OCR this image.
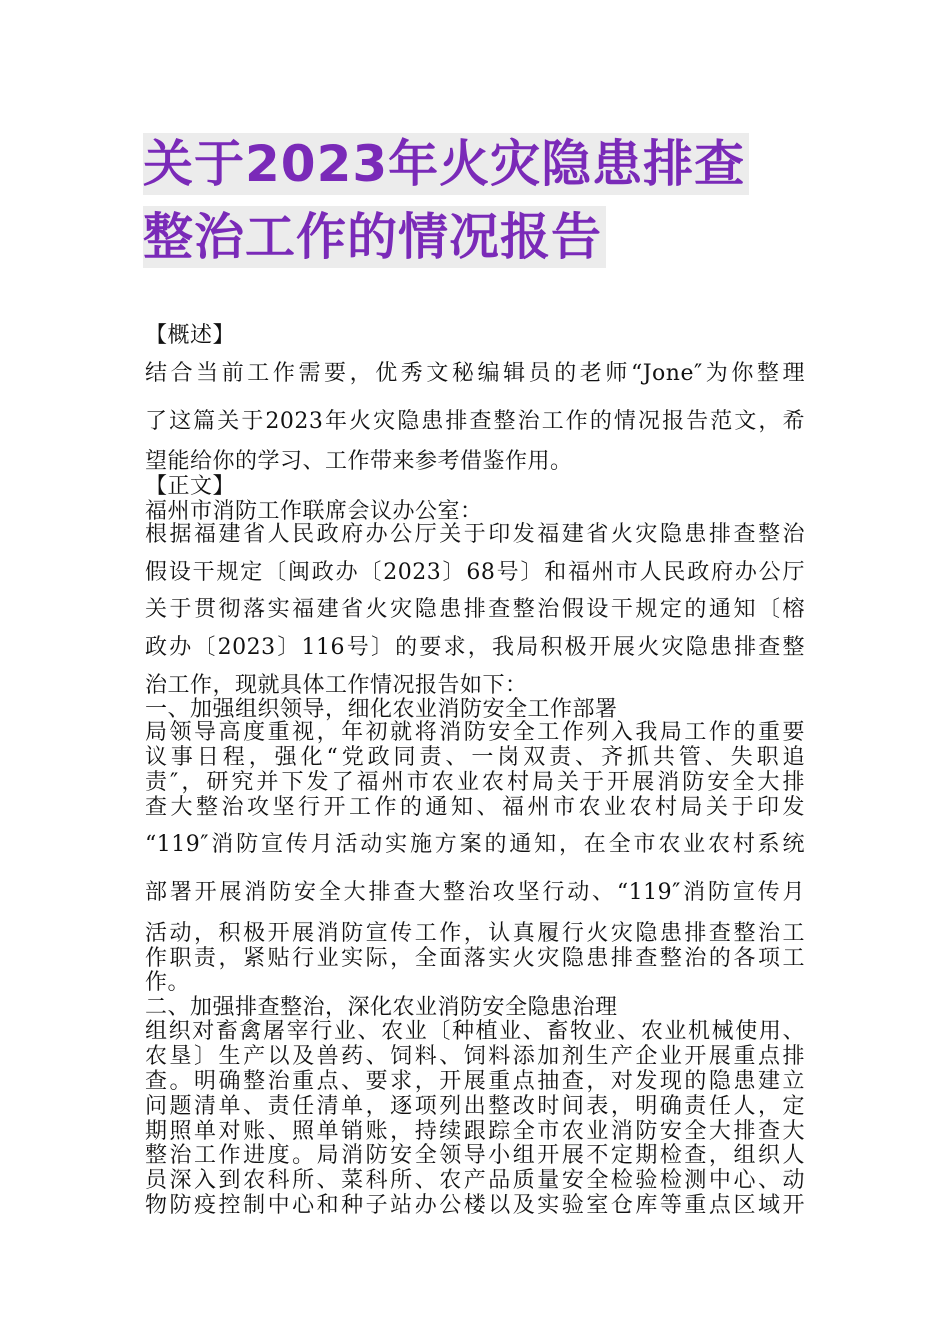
关于2023年火灾隐患排查
整治工作的情况报告
【概述】
结合当前工作需要，优秀文秘编辑员的老师“Jone″为你整理
了这篇关于2023年火灾隐患排查整治工作的情况报告范文，希
望能给你的学习、工作带来参考借鉴作用。
【正文】
福州市消防工作联席会议办公室：
根据福建省人民政府办公厅关于印发福建省火灾隐患排查整治
假设干规定〔闽政办〔2023〕68号〕和福州市人民政府办公厅
关于贯彻落实福建省火灾隐患排查整治假设干规定的通知〔榕
政办〔2023〕116号〕的要求，我局积极开展火灾隐患排查整
治工作，现就具体工作情况报告如下：
一、加强组织领导，细化农业消防安全工作部署
局领导高度重视，年初就将消防安全工作列入我局工作的重要
议事日程，强化“党政同责、一岗双责、齐抓共管、失职追
责″，研究并下发了福州市农业农村局关于开展消防安全大排
查大整治攻坚行开工作的通知、福州市农业农村局关于印发
“119″消防宣传月活动实施方案的通知，在全市农业农村系统
部署开展消防安全大排查大整治攻坚行动、“119″消防宣传月
活动，积极开展消防宣传工作，认真履行火灾隐患排查整治工
作职责，紧贴行业实际，全面落实火灾隐患排查整治的各项工
作。
二、加强排查整治，深化农业消防安全隐患治理
组织对畜禽屠宰行业、农业〔种植业、畜牧业、农业机械使用、
农垦〕生产以及兽药、饲料、饲料添加剂生产企业开展重点排
查。明确整治重点、要求，开展重点抽查，对发现的隐患建立
问题清单、责任清单，逐项列出整改时间表，明确责任人，定
期照单对账、照单销账，持续跟踪全市农业消防安全大排查大
整治工作进度。局消防安全领导小组开展不定期检查，组织人
员深入到农科所、菜科所、农产品质量安全检验检测中心、动
物防疫控制中心和种子站办公楼以及实验室仓库等重点区域开
